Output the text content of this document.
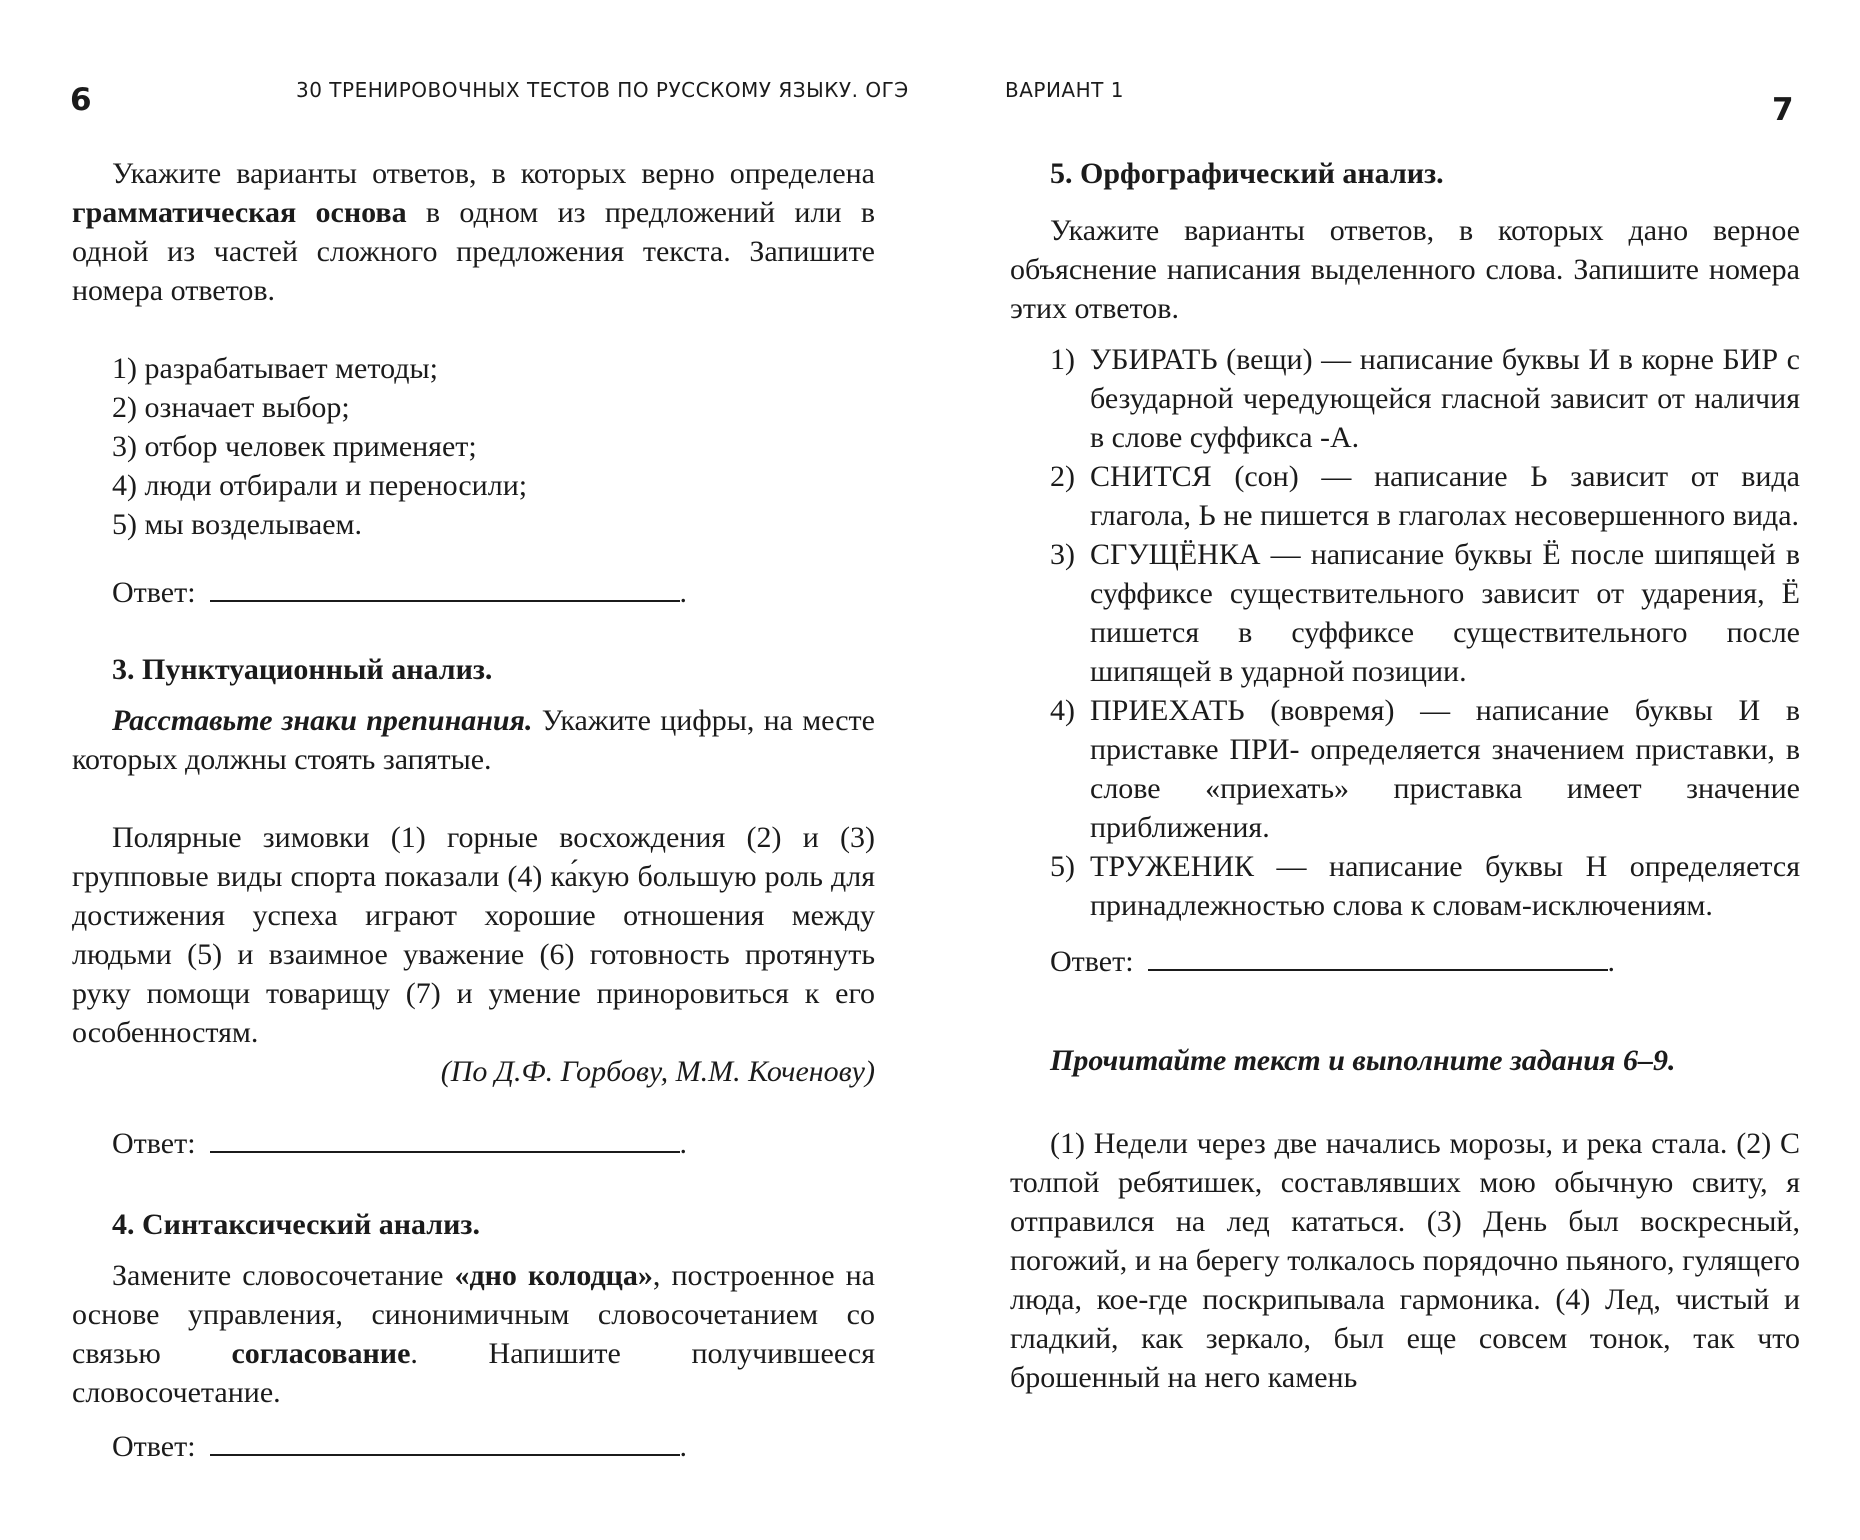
6	30 ТРЕНИРОВОЧНЫХ ТЕСТОВ ПО РУССКОМУ ЯЗЫКУ. ОГЭ

Укажите варианты ответов, в которых верно определена грамматическая основа в одном из предложений или в одной из частей сложного предложения текста. Запишите номера ответов.

1) разрабатывает методы;
2) означает выбор;
3) отбор человек применяет;
4) люди отбирали и переносили;
5) мы возделываем.

Ответ:	.

3. Пунктуационный анализ.

Расставьте знаки препинания. Укажите цифры, на месте которых должны стоять запятые.

Полярные зимовки (1) горные восхождения (2) и (3) групповые виды спорта показали (4) ка́кую большую роль для достижения успеха играют хорошие отношения между людьми (5) и взаимное уважение (6) готовность протянуть руку помощи товарищу (7) и умение приноровиться к его особенностям.

(По Д.Ф. Горбову, М.М. Коченову)

Ответ:	.

4. Синтаксический анализ.

Замените словосочетание «дно колодца», построенное на основе управления, синонимичным словосочетанием со связью согласование. Напишите получившееся словосочетание.

Ответ:	.

ВАРИАНТ 1
7

5. Орфографический анализ.

Укажите варианты ответов, в которых дано верное объяснение написания выделенного слова. Запишите номера этих ответов.

1) УБИРАТЬ (вещи) — написание буквы И в корне БИР с безударной чередующейся гласной зависит от наличия в слове суффикса -А.
2) СНИТСЯ (сон) — написание Ь зависит от вида глагола, Ь не пишется в глаголах несовершенного вида.
3) СГУЩЁНКА — написание буквы Ё после шипящей в суффиксе существительного зависит от ударения, Ё пишется в суффиксе существительного после шипящей в ударной позиции.
4) ПРИЕХАТЬ (вовремя) — написание буквы И в приставке ПРИ- определяется значением приставки, в слове «приехать» приставка имеет значение приближения.
5) ТРУЖЕНИК — написание буквы Н определяется принадлежностью слова к словам-исключениям.

Ответ:	.

Прочитайте текст и выполните задания 6–9.

(1) Недели через две начались морозы, и река стала. (2) С толпой ребятишек, составлявших мою обычную свиту, я отправился на лед кататься. (3) День был воскресный, погожий, и на берегу толкалось порядочно пьяного, гулящего люда, кое-где поскрипывала гармоника. (4) Лед, чистый и гладкий, как зеркало, был еще совсем тонок, так что брошенный на него камень
